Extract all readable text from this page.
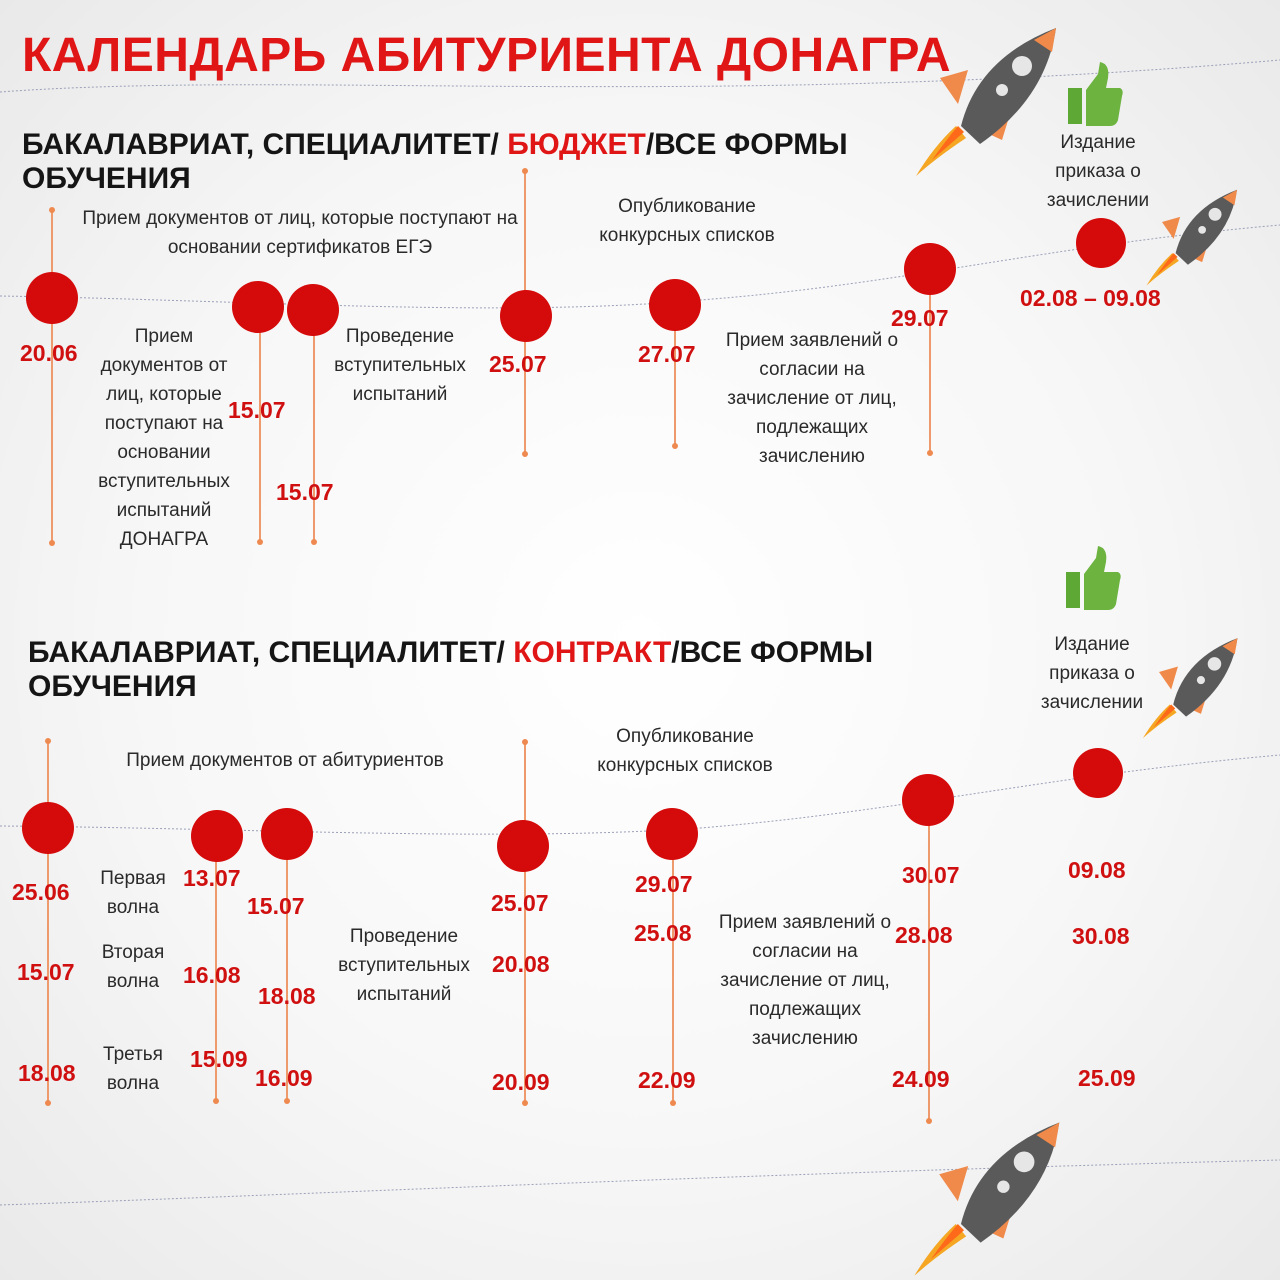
КАЛЕНДАРЬ АБИТУРИЕНТА ДОНАГРА
БАКАЛАВРИАТ, СПЕЦИАЛИТЕТ/ БЮДЖЕТ/ВСЕ ФОРМЫ
ОБУЧЕНИЯ
Прием документов от лиц, которые поступают на основании сертификатов ЕГЭ
Прием документов от лиц, которые поступают на основании вступительных испытаний ДОНАГРА
Проведение вступительных испытаний
Опубликование конкурсных списков
Прием заявлений о согласии на зачисление от лиц, подлежащих зачислению
Издание приказа о зачислении
20.06
15.07
15.07
25.07	27.07
29.07
02.08 – 09.08
БАКАЛАВРИАТ, СПЕЦИАЛИТЕТ/ КОНТРАКТ/ВСЕ ФОРМЫ
ОБУЧЕНИЯ
Прием документов от абитуриентов
Первая волна
Вторая волна
Третья волна
Проведение вступительных испытаний
Опубликование конкурсных списков
Прием заявлений о согласии на зачисление от лиц, подлежащих зачислению
Издание приказа о зачислении
25.06
15.07
18.08
13.07
16.08
15.09
15.07
18.08
16.09
25.07
20.08
20.09
29.07
25.08
22.09
30.07
28.08
24.09
09.08
30.08
25.09
